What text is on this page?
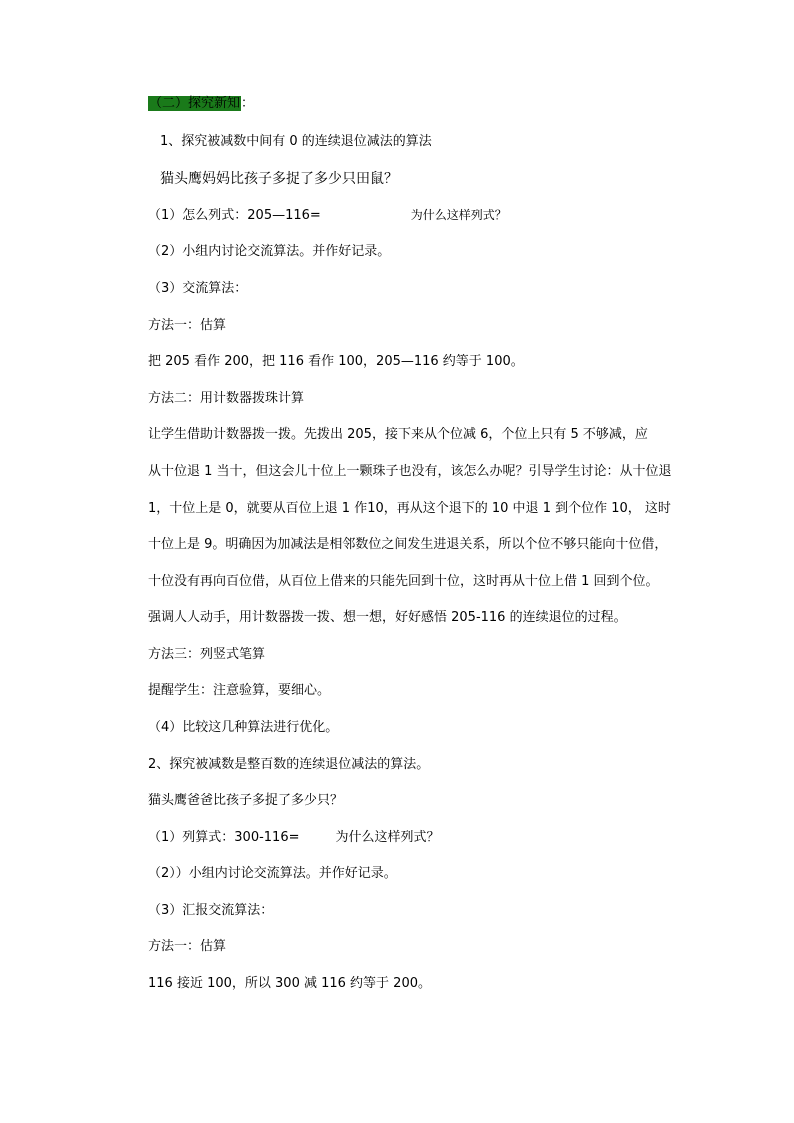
（二）探究新知：
1、探究被减数中间有 0 的连续退位减法的算法
猫头鹰妈妈比孩子多捉了多少只田鼠？
（1）怎么列式：205—116=	为什么这样列式？
（2）小组内讨论交流算法。并作好记录。
（3）交流算法：
方法一：估算
把 205 看作 200，把 116 看作 100，205—116 约等于 100。
方法二：用计数器拨珠计算
让学生借助计数器拨一拨。先拨出 205，接下来从个位减 6，个位上只有 5 不够减，应
从十位退 1 当十，但这会儿十位上一颗珠子也没有，该怎么办呢？引导学生讨论：从十位退
1，十位上是 0，就要从百位上退 1 作10，再从这个退下的 10 中退 1 到个位作 10， 这时
十位上是 9。明确因为加减法是相邻数位之间发生进退关系，所以个位不够只能向十位借，
十位没有再向百位借，从百位上借来的只能先回到十位，这时再从十位上借 1 回到个位。
强调人人动手，用计数器拨一拨、想一想，好好感悟 205-116 的连续退位的过程。
方法三：列竖式笔算
提醒学生：注意验算，要细心。
（4）比较这几种算法进行优化。
2、探究被减数是整百数的连续退位减法的算法。
猫头鹰爸爸比孩子多捉了多少只？
（1）列算式：300-116=	为什么这样列式？
（2））小组内讨论交流算法。并作好记录。
（3）汇报交流算法：
方法一：估算
116 接近 100，所以 300 减 116 约等于 200。
